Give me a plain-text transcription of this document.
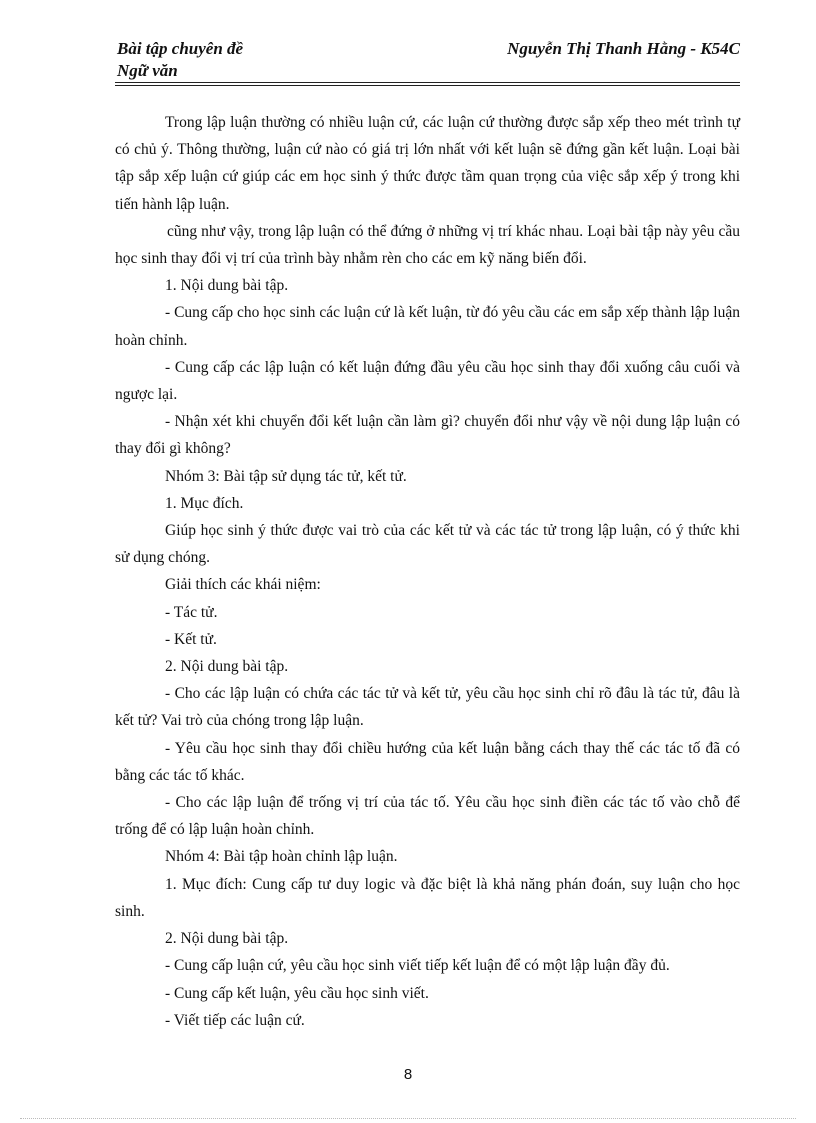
Bài tập chuyên đề
Ngữ văn
Nguyễn Thị Thanh Hằng - K54C

Trong lập luận thường có nhiều luận cứ, các luận cứ thường được sắp xếp theo mét trình tự có chủ ý. Thông thường, luận cứ nào có giá trị lớn nhất với kết luận sẽ đứng gần kết luận. Loại bài tập sắp xếp luận cứ giúp các em học sinh ý thức được tầm quan trọng của việc sắp xếp ý trong khi tiến hành lập luận.

cũng như vậy, trong lập luận có thể đứng ở những vị trí khác nhau. Loại bài tập này yêu cầu học sinh thay đổi vị trí của trình bày nhằm rèn cho các em kỹ năng biến đổi.

1. Nội dung bài tập.

- Cung cấp cho học sinh các luận cứ là kết luận, từ đó yêu cầu các em sắp xếp thành lập luận hoàn chỉnh.

- Cung cấp các lập luận có kết luận đứng đầu yêu cầu học sinh thay đổi xuống câu cuối và ngược lại.

- Nhận xét khi chuyển đổi kết luận cần làm gì? chuyển đổi như vậy về nội dung lập luận có thay đổi gì không?

Nhóm 3: Bài tập sử dụng tác tử, kết tử.

1. Mục đích.

Giúp học sinh ý thức được vai trò của các kết tử và các tác tử trong lập luận, có ý thức khi sử dụng chóng.

Giải thích các khái niệm:

- Tác tử.

- Kết tử.

2. Nội dung bài tập.

- Cho các lập luận có chứa các tác tử và kết tử, yêu cầu học sinh chỉ rõ đâu là tác tử, đâu là kết tử? Vai trò của chóng trong lập luận.

- Yêu cầu học sinh thay đổi chiều hướng của kết luận bằng cách thay thế các tác tố đã có bằng các tác tố khác.

- Cho các lập luận để trống vị trí của tác tố. Yêu cầu học sinh điền các tác tố vào chỗ để trống để có lập luận hoàn chỉnh.

Nhóm 4: Bài tập hoàn chỉnh lập luận.

1. Mục đích: Cung cấp tư duy logic và đặc biệt là khả năng phán đoán, suy luận cho học sinh.

2. Nội dung bài tập.

- Cung cấp luận cứ, yêu cầu học sinh viết tiếp kết luận để có một lập luận đầy đủ.

- Cung cấp kết luận, yêu cầu học sinh viết.

- Viết tiếp các luận cứ.

8
